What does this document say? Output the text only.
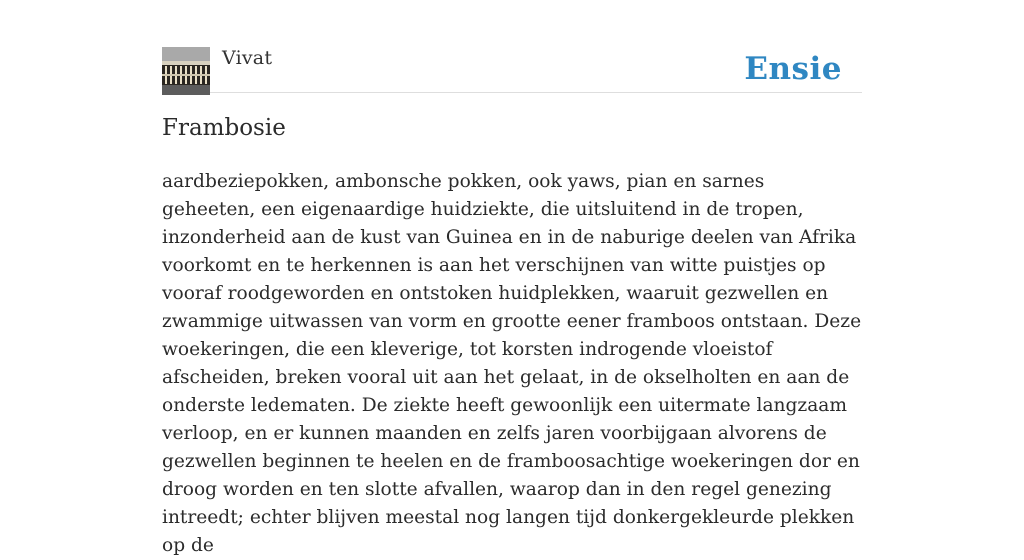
Vivat	Ensie
Frambosie

aardbeziepokken, ambonsche pokken, ook yaws, pian en sarnes geheeten, een eigenaardige huidziekte, die uitsluitend in de tropen, inzonderheid aan de kust van Guinea en in de naburige deelen van Afrika voorkomt en te herkennen is aan het verschijnen van witte puistjes op vooraf roodgeworden en ontstoken huidplekken, waaruit gezwellen en zwammige uitwassen van vorm en grootte eener framboos ontstaan. Deze woekeringen, die een kleverige, tot korsten indrogende vloeistof afscheiden, breken vooral uit aan het gelaat, in de okselholten en aan de onderste ledematen. De ziekte heeft gewoonlijk een uitermate langzaam verloop, en er kunnen maanden en zelfs jaren voorbijgaan alvorens de gezwellen beginnen te heelen en de framboosachtige woekeringen dor en droog worden en ten slotte afvallen, waarop dan in den regel genezing intreedt; echter blijven meestal nog langen tijd donkergekleurde plekken op de
